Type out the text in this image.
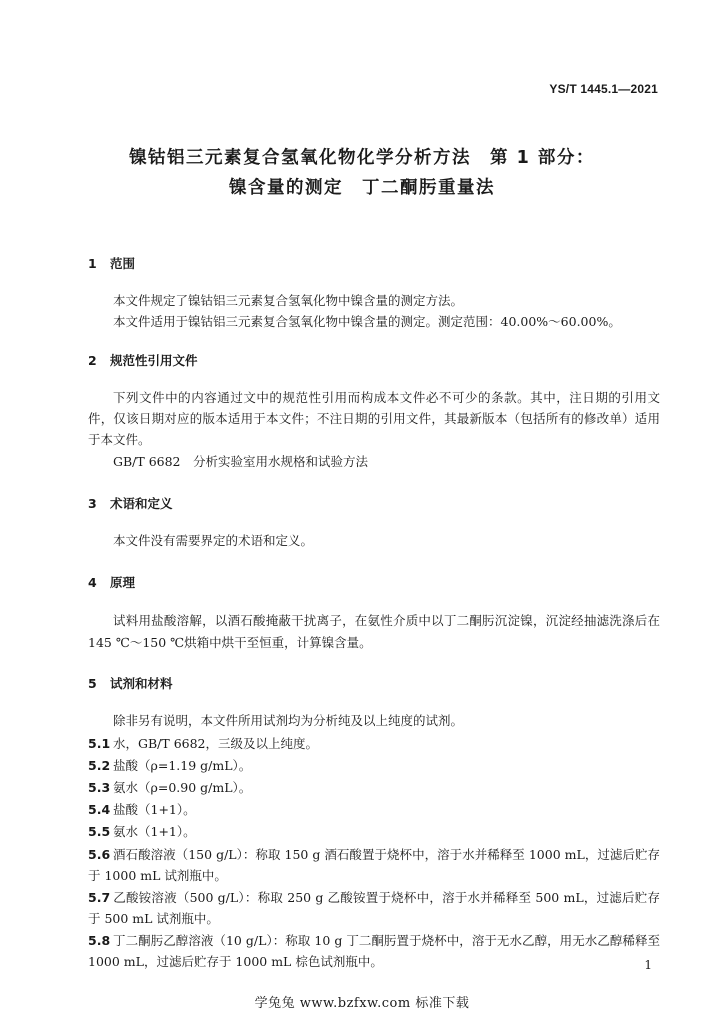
YS/T 1445.1—2021
镍钴铝三元素复合氢氧化物化学分析方法　第 1 部分：
镍含量的测定　丁二酮肟重量法
1 范围
本文件规定了镍钴铝三元素复合氢氧化物中镍含量的测定方法。
本文件适用于镍钴铝三元素复合氢氧化物中镍含量的测定。测定范围：40.00%～60.00%。
2 规范性引用文件
下列文件中的内容通过文中的规范性引用而构成本文件必不可少的条款。其中，注日期的引用文件，仅该日期对应的版本适用于本文件；不注日期的引用文件，其最新版本（包括所有的修改单）适用于本文件。
GB/T 6682　分析实验室用水规格和试验方法
3 术语和定义
本文件没有需要界定的术语和定义。
4 原理
试料用盐酸溶解，以酒石酸掩蔽干扰离子，在氨性介质中以丁二酮肟沉淀镍，沉淀经抽滤洗涤后在 145 ℃～150 ℃烘箱中烘干至恒重，计算镍含量。
5 试剂和材料
除非另有说明，本文件所用试剂均为分析纯及以上纯度的试剂。
5.1 水，GB/T 6682，三级及以上纯度。
5.2 盐酸（ρ=1.19 g/mL）。
5.3 氨水（ρ=0.90 g/mL）。
5.4 盐酸（1+1）。
5.5 氨水（1+1）。
5.6 酒石酸溶液（150 g/L）：称取 150 g 酒石酸置于烧杯中，溶于水并稀释至 1000 mL，过滤后贮存于 1000 mL 试剂瓶中。
5.7 乙酸铵溶液（500 g/L）：称取 250 g 乙酸铵置于烧杯中，溶于水并稀释至 500 mL，过滤后贮存于 500 mL 试剂瓶中。
5.8 丁二酮肟乙醇溶液（10 g/L）：称取 10 g 丁二酮肟置于烧杯中，溶于无水乙醇，用无水乙醇稀释至 1000 mL，过滤后贮存于 1000 mL 棕色试剂瓶中。	1
学兔兔 www.bzfxw.com 标准下载
